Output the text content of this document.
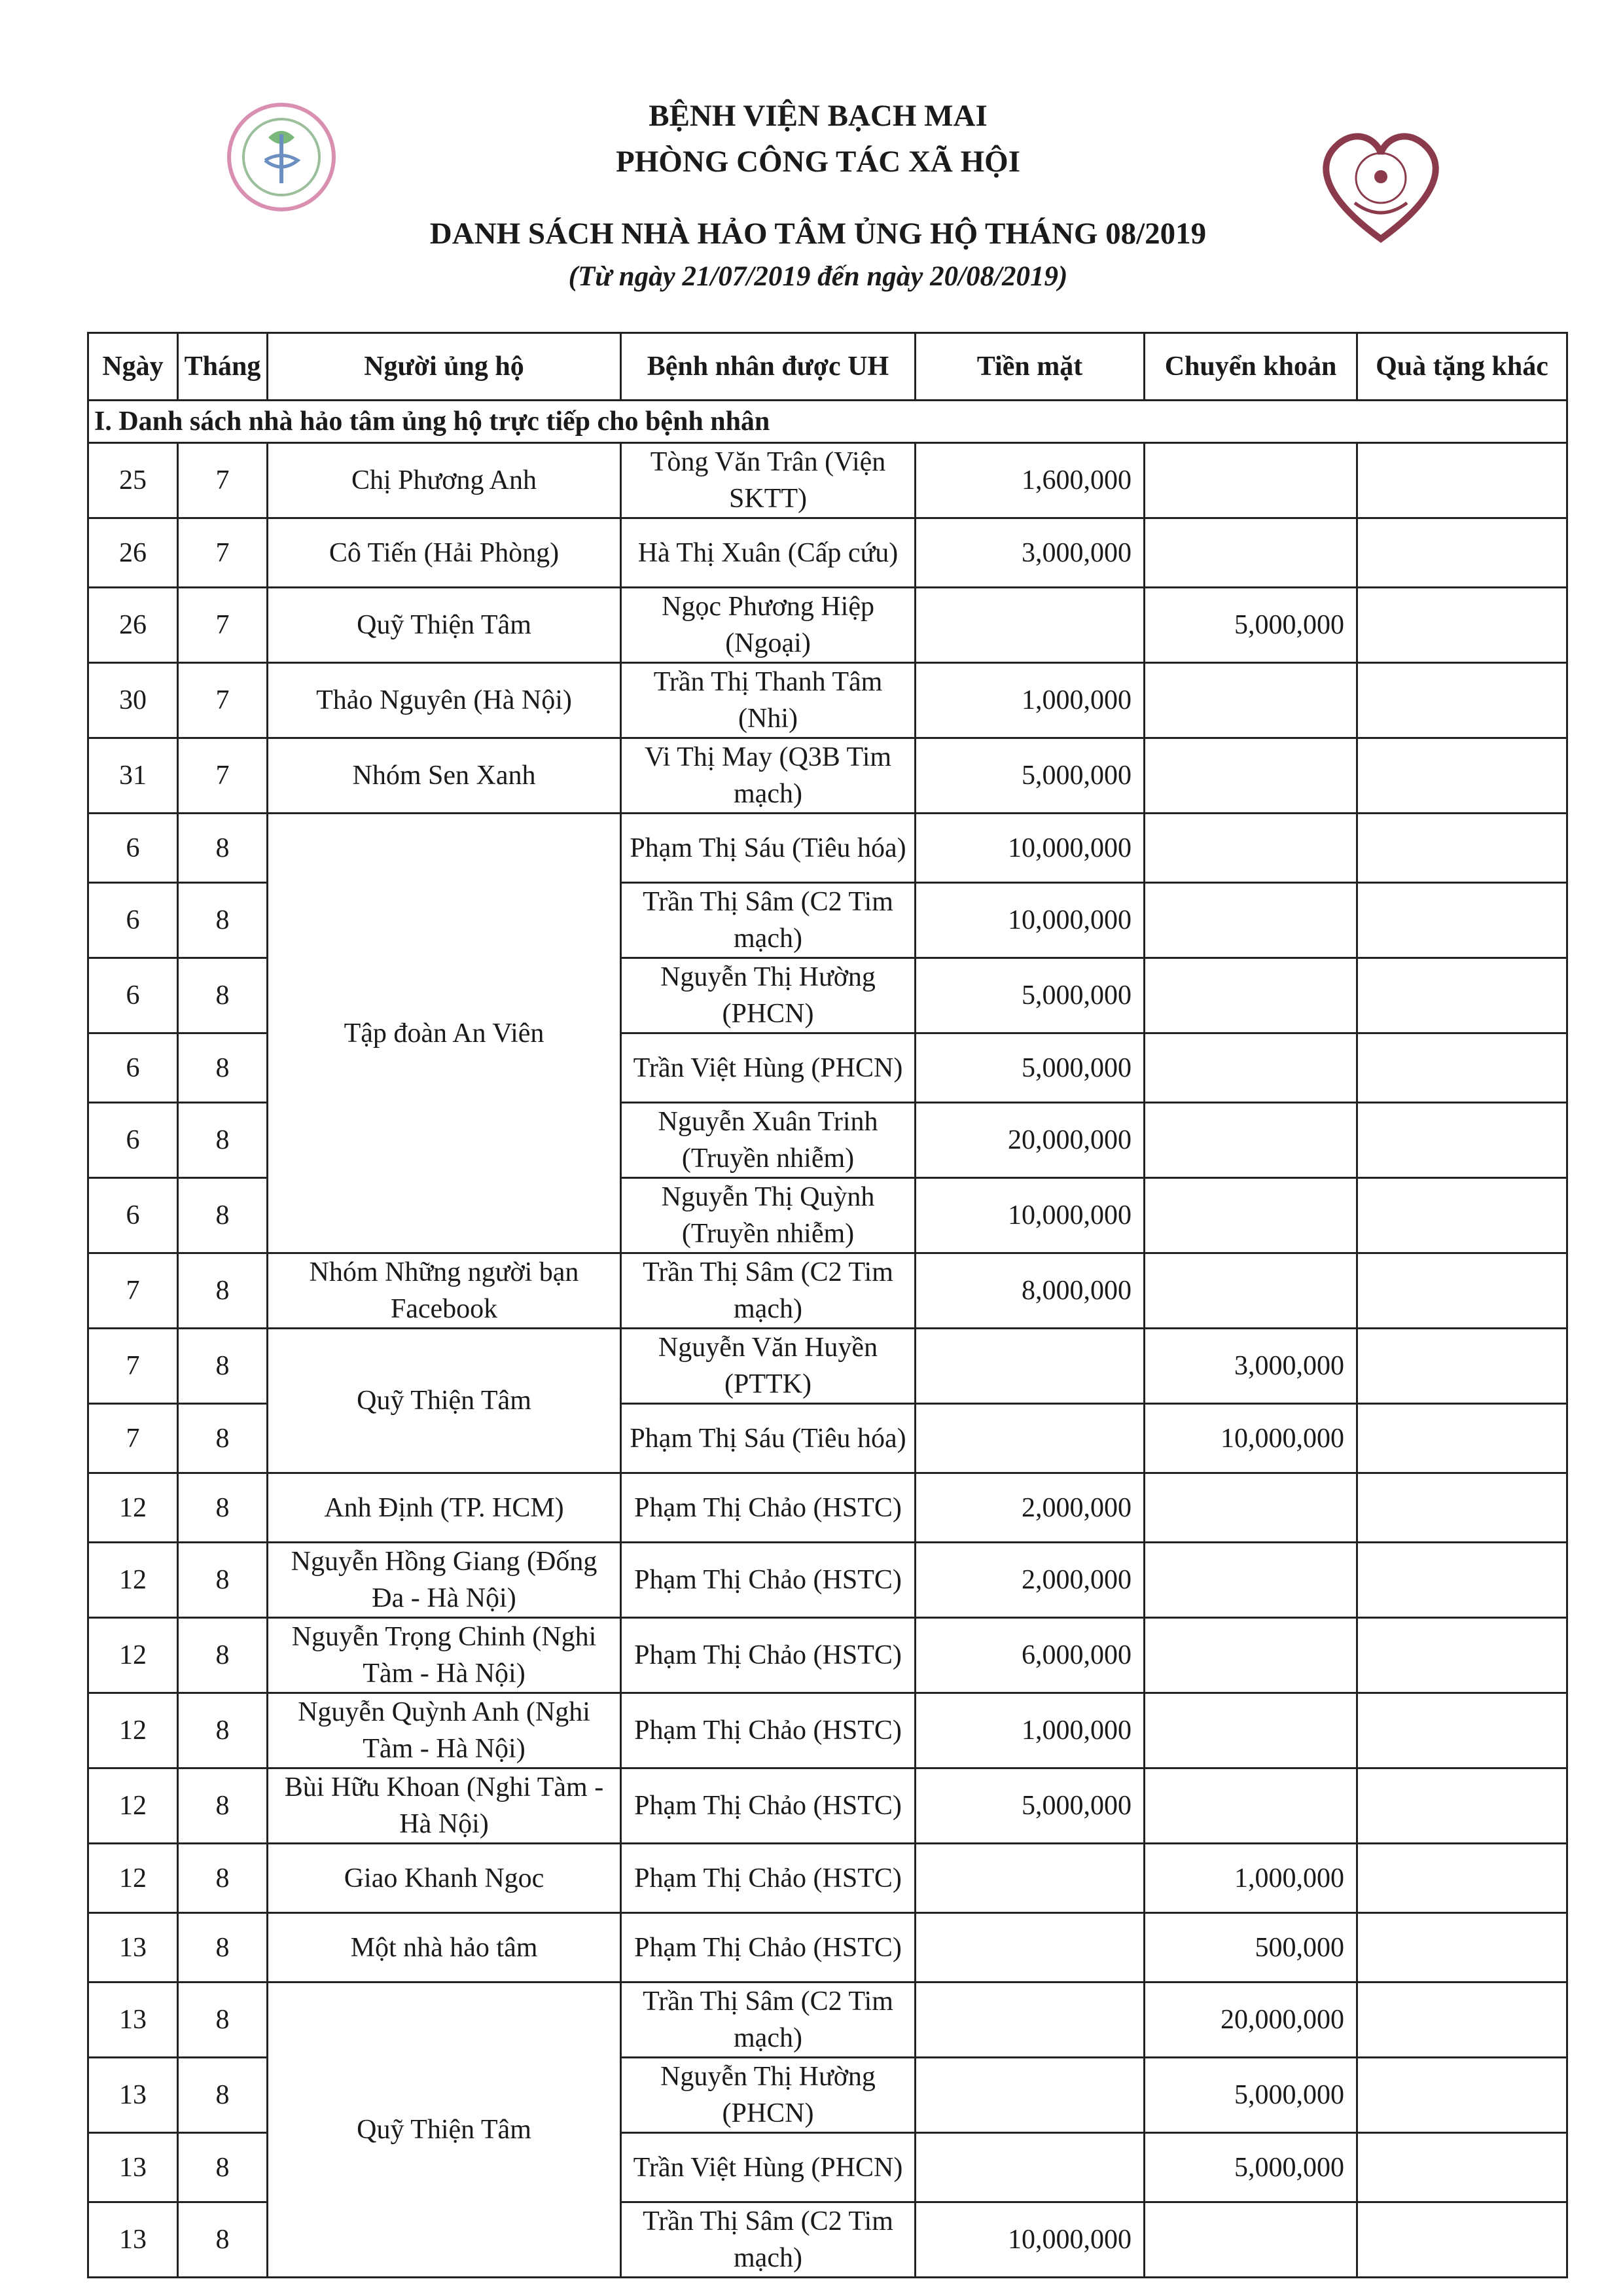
BỆNH VIỆN BẠCH MAI
PHÒNG CÔNG TÁC XÃ HỘI
DANH SÁCH NHÀ HẢO TÂM ỦNG HỘ THÁNG 08/2019
(Từ ngày 21/07/2019 đến ngày 20/08/2019)
Ngày	Tháng	Người ủng hộ	Bệnh nhân được UH	Tiền mặt	Chuyển khoản	Quà tặng khác
I. Danh sách nhà hảo tâm ủng hộ trực tiếp cho bệnh nhân						
25	7	Chị Phương Anh	Tòng Văn Trân (Viện SKTT)	1,600,000		
26	7	Cô Tiến (Hải Phòng)	Hà Thị Xuân (Cấp cứu)	3,000,000		
26	7	Quỹ Thiện Tâm	Ngọc Phương Hiệp (Ngoại)		5,000,000	
30	7	Thảo Nguyên (Hà Nội)	Trần Thị Thanh Tâm (Nhi)	1,000,000		
31	7	Nhóm Sen Xanh	Vi Thị May (Q3B Tim mạch)	5,000,000		
6	8	Tập đoàn An Viên	Phạm Thị Sáu (Tiêu hóa)	10,000,000		
6	8		Trần Thị Sâm (C2 Tim mạch)	10,000,000		
6	8		Nguyễn Thị Hường (PHCN)	5,000,000		
6	8		Trần Việt Hùng (PHCN)	5,000,000		
6	8		Nguyễn Xuân Trinh (Truyền nhiễm)	20,000,000		
6	8		Nguyễn Thị Quỳnh (Truyền nhiễm)	10,000,000		
7	8	Nhóm Những người bạn Facebook	Trần Thị Sâm (C2 Tim mạch)	8,000,000		
7	8	Quỹ Thiện Tâm	Nguyễn Văn Huyền (PTTK)		3,000,000	
7	8		Phạm Thị Sáu (Tiêu hóa)		10,000,000	
12	8	Anh Định (TP. HCM)	Phạm Thị Chảo (HSTC)	2,000,000		
12	8	Nguyễn Hồng Giang (Đống Đa - Hà Nội)	Phạm Thị Chảo (HSTC)	2,000,000		
12	8	Nguyễn Trọng Chinh (Nghi Tàm - Hà Nội)	Phạm Thị Chảo (HSTC)	6,000,000		
12	8	Nguyễn Quỳnh Anh (Nghi Tàm - Hà Nội)	Phạm Thị Chảo (HSTC)	1,000,000		
12	8	Bùi Hữu Khoan (Nghi Tàm - Hà Nội)	Phạm Thị Chảo (HSTC)	5,000,000		
12	8	Giao Khanh Ngoc	Phạm Thị Chảo (HSTC)		1,000,000	
13	8	Một nhà hảo tâm	Phạm Thị Chảo (HSTC)		500,000	
13	8	Quỹ Thiện Tâm	Trần Thị Sâm (C2 Tim mạch)		20,000,000	
13	8		Nguyễn Thị Hường (PHCN)		5,000,000	
13	8		Trần Việt Hùng (PHCN)		5,000,000	
13	8		Trần Thị Sâm (C2 Tim mạch)	10,000,000		
